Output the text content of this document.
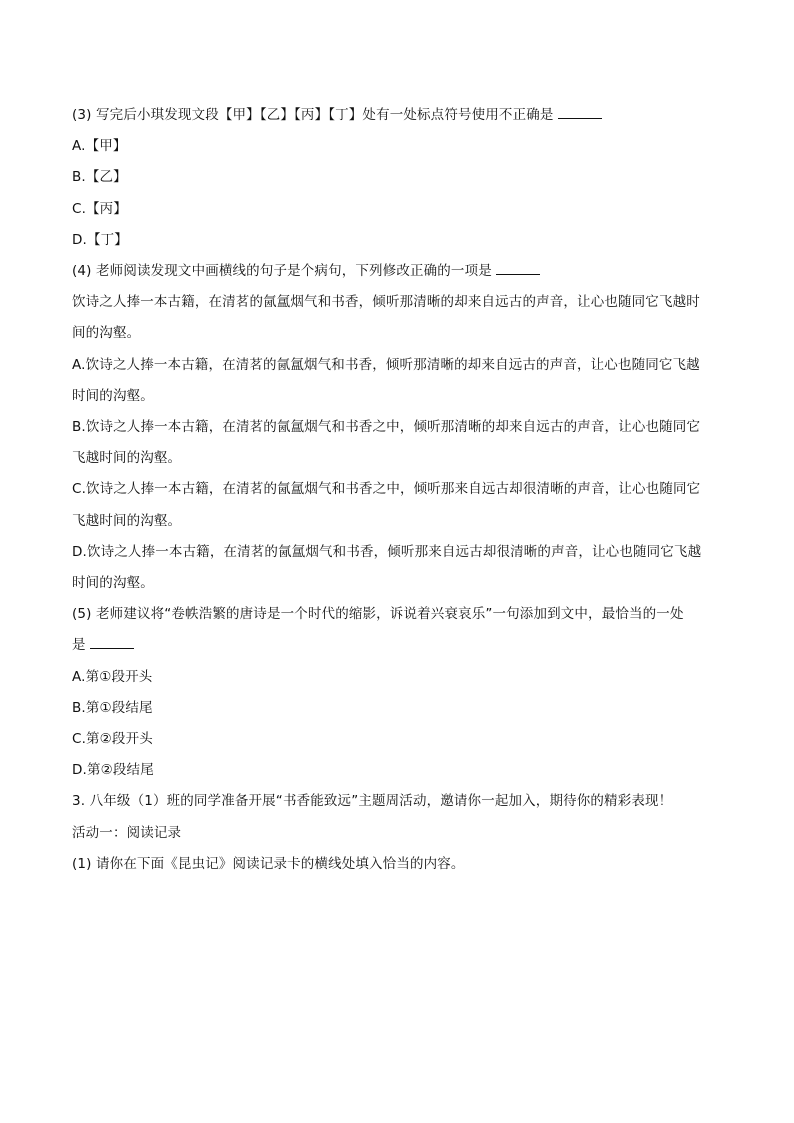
(3) 写完后小琪发现文段【甲】【乙】【丙】【丁】处有一处标点符号使用不正确是
A.【甲】
B.【乙】
C.【丙】
D.【丁】
(4) 老师阅读发现文中画横线的句子是个病句，下列修改正确的一项是
饮诗之人捧一本古籍，在清茗的氤氲烟气和书香，倾听那清晰的却来自远古的声音，让心也随同它飞越时
间的沟壑。
A.饮诗之人捧一本古籍，在清茗的氤氲烟气和书香，倾听那清晰的却来自远古的声音，让心也随同它飞越
时间的沟壑。
B.饮诗之人捧一本古籍，在清茗的氤氲烟气和书香之中，倾听那清晰的却来自远古的声音，让心也随同它
飞越时间的沟壑。
C.饮诗之人捧一本古籍，在清茗的氤氲烟气和书香之中，倾听那来自远古却很清晰的声音，让心也随同它
飞越时间的沟壑。
D.饮诗之人捧一本古籍，在清茗的氤氲烟气和书香，倾听那来自远古却很清晰的声音，让心也随同它飞越
时间的沟壑。
(5) 老师建议将“卷帙浩繁的唐诗是一个时代的缩影，诉说着兴衰哀乐”一句添加到文中，最恰当的一处
是
A.第①段开头
B.第①段结尾
C.第②段开头
D.第②段结尾
3. 八年级（1）班的同学准备开展“书香能致远”主题周活动，邀请你一起加入，期待你的精彩表现！
活动一：阅读记录
(1) 请你在下面《昆虫记》阅读记录卡的横线处填入恰当的内容。
